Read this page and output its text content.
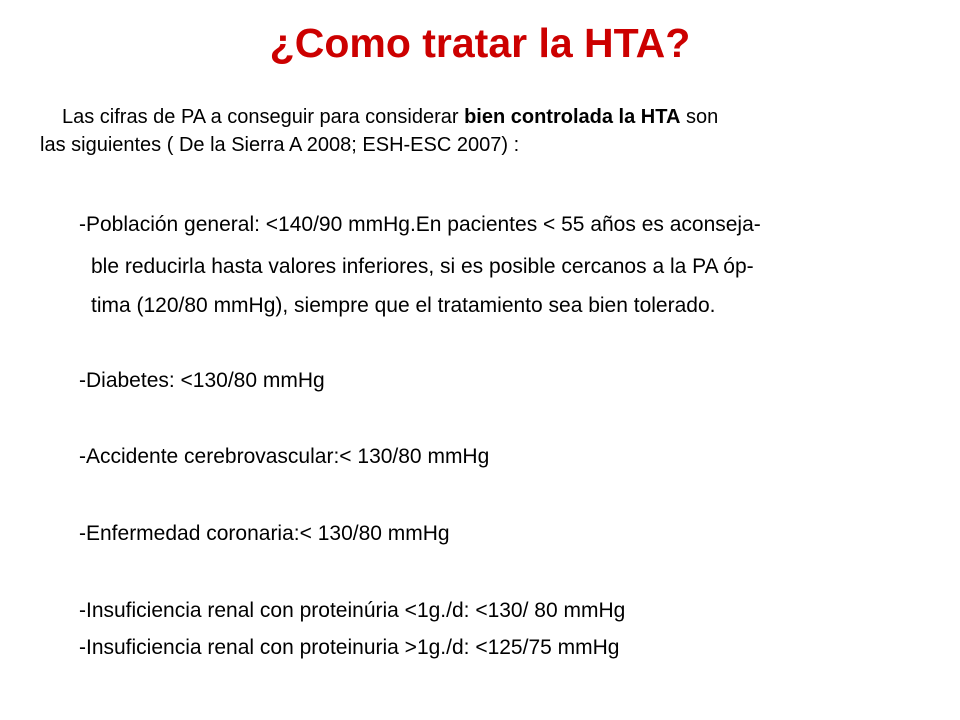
¿Como tratar la HTA?
Las cifras de PA a conseguir para considerar bien controlada la HTA son
las siguientes ( De la Sierra A 2008; ESH-ESC 2007) :
-Población general: <140/90 mmHg.En pacientes < 55 años es aconseja-
ble reducirla hasta valores inferiores, si es posible cercanos a la PA óp-
tima (120/80 mmHg), siempre que el tratamiento sea bien tolerado.
-Diabetes: <130/80 mmHg
-Accidente cerebrovascular:< 130/80 mmHg
-Enfermedad coronaria:< 130/80 mmHg
-Insuficiencia renal con proteinúria <1g./d: <130/ 80 mmHg
-Insuficiencia renal con proteinuria >1g./d: <125/75 mmHg
